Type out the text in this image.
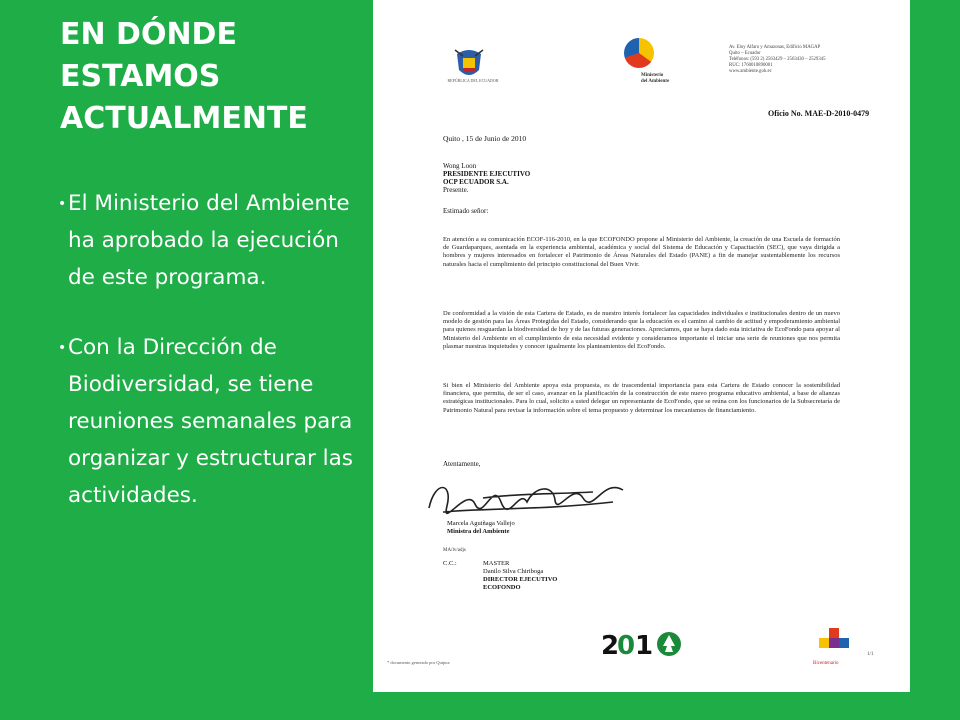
EN DÓNDE
ESTAMOS
ACTUALMENTE
• El Ministerio del Ambiente ha aprobado la ejecución de este programa.
• Con la Dirección de Biodiversidad, se tiene reuniones semanales para organizar y estructurar las actividades.
REPÚBLICA DEL ECUADOR
Ministerio
del Ambiente
Av. Eloy Alfaro y Amazonas, Edificio MAGAP
Quito – Ecuador
Teléfonos: (593 2) 2563429 – 2563430 – 2529345
RUC: 1760010890001
www.ambiente.gob.ec
Oficio No. MAE-D-2010-0479
Quito , 15 de Junio de 2010
Wong Loon
PRESIDENTE EJECUTIVO
OCP ECUADOR S.A.
Presente.
Estimado señor:
En atención a su comunicación ECOF-116-2010, en la que ECOFONDO propone al Ministerio del Ambiente, la creación de una Escuela de formación de Guardaparques, asentada en la experiencia ambiental, académica y social del Sistema de Educación y Capacitación (SEC), que vaya dirigida a hombres y mujeres interesados en fortalecer el Patrimonio de Áreas Naturales del Estado (PANE) a fin de manejar sustentablemente los recursos naturales hacia el cumplimiento del principio constitucional del Buen Vivir.
De conformidad a la visión de esta Cartera de Estado, es de nuestro interés fortalecer las capacidades individuales e institucionales dentro de un nuevo modelo de gestión para las Áreas Protegidas del Estado, considerando que la educación es el camino al cambio de actitud y empoderamiento ambiental para quienes resguardan la biodiversidad de hoy y de las futuras generaciones. Apreciamos, que se haya dado esta iniciativa de EcoFondo para apoyar al Ministerio del Ambiente en el cumplimiento de esta necesidad evidente y consideramos importante el iniciar una serie de reuniones que nos permita plasmar nuestras inquietudes y conocer igualmente los planteamientos del EcoFondo.
Si bien el Ministerio del Ambiente apoya esta propuesta, es de trascendental importancia para esta Cartera de Estado conocer la sostenibilidad financiera, que permita, de ser el caso, avanzar en la planificación de la construcción de este nuevo programa educativo ambiental, a base de alianzas estratégicas institucionales. Para lo cual, solicito a usted delegar un representante de EcoFondo, que se reúna con los funcionarios de la Subsecretaría de Patrimonio Natural para revisar la información sobre el tema propuesto y determinar los mecanismos de financiamiento.
Atentamente,
Marcela Aguiñaga Vallejo
Ministra del Ambiente
MA/lv/adjs
C.C.:	MASTER
Danilo Silva Chiriboga
DIRECTOR EJECUTIVO
ECOFONDO
2
0 1
* documento generado por Quipux	Bicentenario
1/1
